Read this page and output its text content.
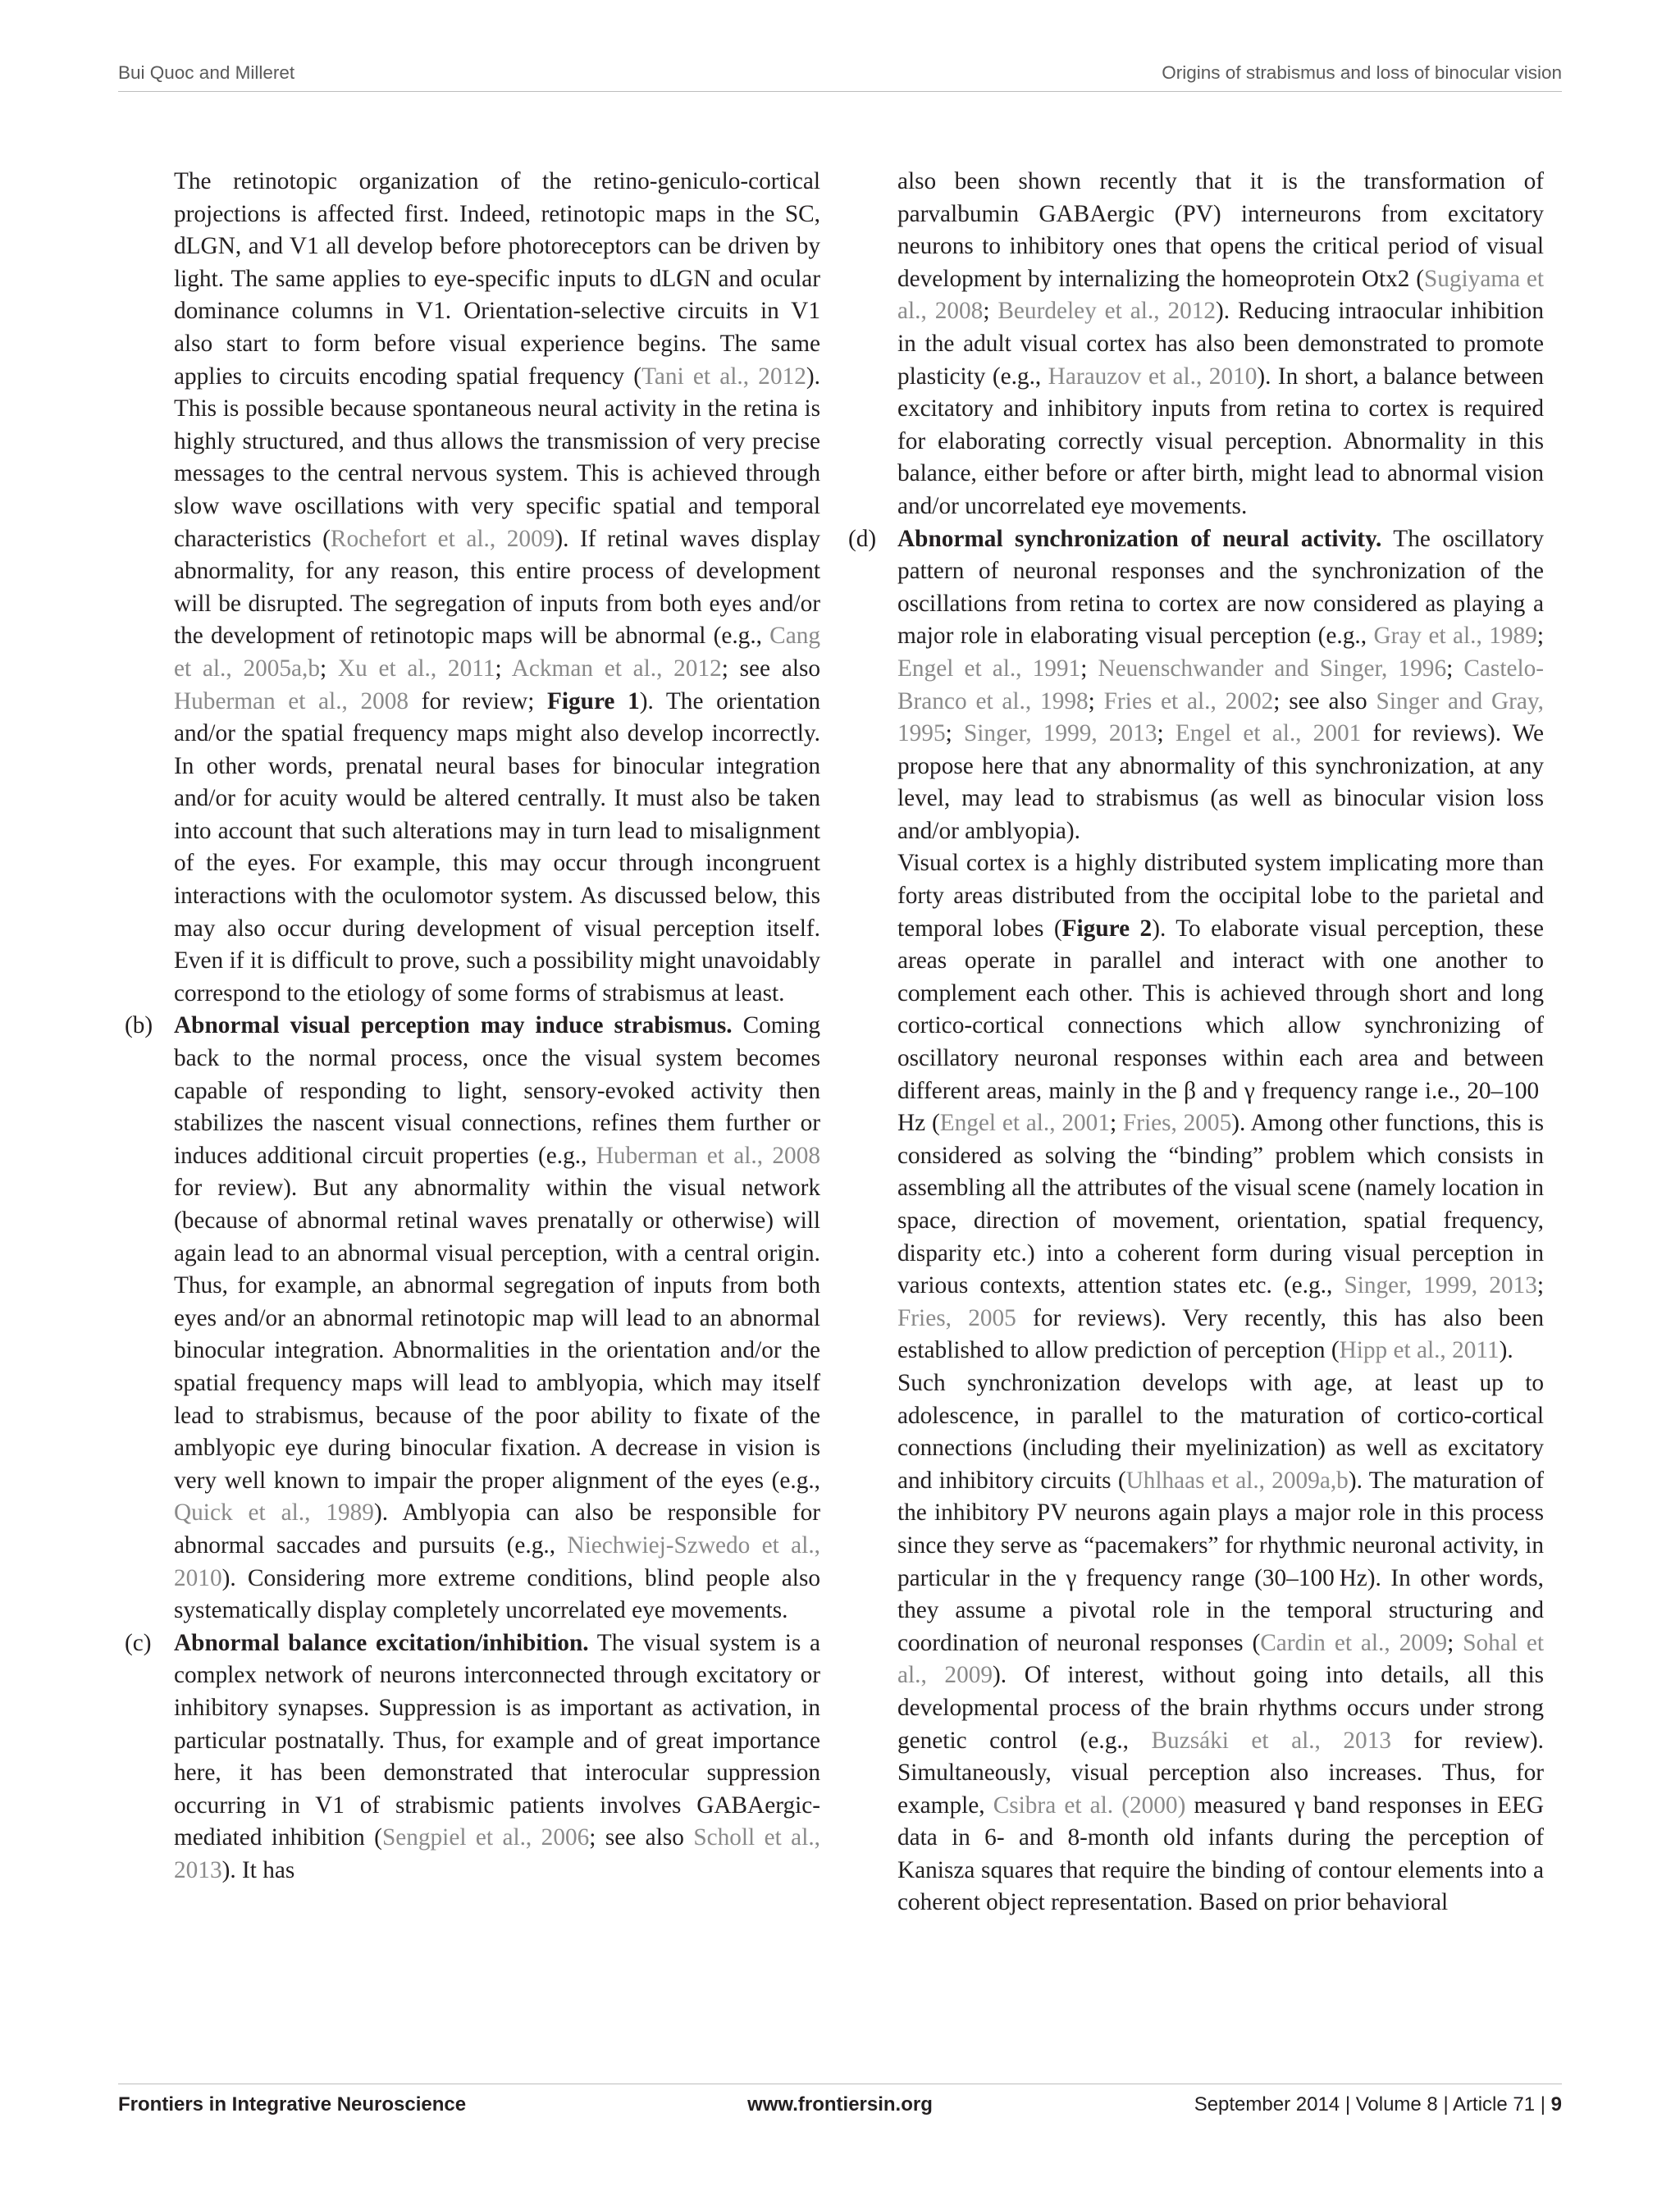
Bui Quoc and Milleret	Origins of strabismus and loss of binocular vision

The retinotopic organization of the retino-geniculo-cortical projections is affected first. Indeed, retinotopic maps in the SC, dLGN, and V1 all develop before photoreceptors can be driven by light. The same applies to eye-specific inputs to dLGN and ocular dominance columns in V1. Orientation-selective circuits in V1 also start to form before visual experience begins. The same applies to circuits encoding spatial frequency (Tani et al., 2012). This is possible because spontaneous neural activity in the retina is highly structured, and thus allows the transmission of very precise messages to the central nervous system. This is achieved through slow wave oscillations with very specific spatial and temporal characteristics (Rochefort et al., 2009). If retinal waves display abnormality, for any reason, this entire process of development will be disrupted. The segregation of inputs from both eyes and/or the development of retinotopic maps will be abnormal (e.g., Cang et al., 2005a,b; Xu et al., 2011; Ackman et al., 2012; see also Huberman et al., 2008 for review; Figure 1). The orientation and/or the spatial frequency maps might also develop incorrectly. In other words, prenatal neural bases for binocular integration and/or for acuity would be altered centrally. It must also be taken into account that such alterations may in turn lead to misalignment of the eyes. For example, this may occur through incongruent interactions with the oculomotor system. As discussed below, this may also occur during development of visual perception itself. Even if it is difficult to prove, such a possibility might unavoidably correspond to the etiology of some forms of strabismus at least.

(b) Abnormal visual perception may induce strabismus. Coming back to the normal process, once the visual system becomes capable of responding to light, sensory-evoked activity then stabilizes the nascent visual connections, refines them further or induces additional circuit properties (e.g., Huberman et al., 2008 for review). But any abnormality within the visual network (because of abnormal retinal waves prenatally or otherwise) will again lead to an abnormal visual perception, with a central origin. Thus, for example, an abnormal segregation of inputs from both eyes and/or an abnormal retinotopic map will lead to an abnormal binocular integration. Abnormalities in the orientation and/or the spatial frequency maps will lead to amblyopia, which may itself lead to strabismus, because of the poor ability to fixate of the amblyopic eye during binocular fixation. A decrease in vision is very well known to impair the proper alignment of the eyes (e.g., Quick et al., 1989). Amblyopia can also be responsible for abnormal saccades and pursuits (e.g., Niechwiej-Szwedo et al., 2010). Considering more extreme conditions, blind people also systematically display completely uncorrelated eye movements.

(c) Abnormal balance excitation/inhibition. The visual system is a complex network of neurons interconnected through excitatory or inhibitory synapses. Suppression is as important as activation, in particular postnatally. Thus, for example and of great importance here, it has been demonstrated that interocular suppression occurring in V1 of strabismic patients involves GABAergic-mediated inhibition (Sengpiel et al., 2006; see also Scholl et al., 2013). It has

also been shown recently that it is the transformation of parvalbumin GABAergic (PV) interneurons from excitatory neurons to inhibitory ones that opens the critical period of visual development by internalizing the homeoprotein Otx2 (Sugiyama et al., 2008; Beurdeley et al., 2012). Reducing intraocular inhibition in the adult visual cortex has also been demonstrated to promote plasticity (e.g., Harauzov et al., 2010). In short, a balance between excitatory and inhibitory inputs from retina to cortex is required for elaborating correctly visual perception. Abnormality in this balance, either before or after birth, might lead to abnormal vision and/or uncorrelated eye movements.

(d) Abnormal synchronization of neural activity. The oscillatory pattern of neuronal responses and the synchronization of the oscillations from retina to cortex are now considered as playing a major role in elaborating visual perception (e.g., Gray et al., 1989; Engel et al., 1991; Neuenschwander and Singer, 1996; Castelo-Branco et al., 1998; Fries et al., 2002; see also Singer and Gray, 1995; Singer, 1999, 2013; Engel et al., 2001 for reviews). We propose here that any abnormality of this synchronization, at any level, may lead to strabismus (as well as binocular vision loss and/or amblyopia).

Visual cortex is a highly distributed system implicating more than forty areas distributed from the occipital lobe to the parietal and temporal lobes (Figure 2). To elaborate visual perception, these areas operate in parallel and interact with one another to complement each other. This is achieved through short and long cortico-cortical connections which allow synchronizing of oscillatory neuronal responses within each area and between different areas, mainly in the β and γ frequency range i.e., 20–100 Hz (Engel et al., 2001; Fries, 2005). Among other functions, this is considered as solving the “binding” problem which consists in assembling all the attributes of the visual scene (namely location in space, direction of movement, orientation, spatial frequency, disparity etc.) into a coherent form during visual perception in various contexts, attention states etc. (e.g., Singer, 1999, 2013; Fries, 2005 for reviews). Very recently, this has also been established to allow prediction of perception (Hipp et al., 2011).

Such synchronization develops with age, at least up to adolescence, in parallel to the maturation of cortico-cortical connections (including their myelinization) as well as excitatory and inhibitory circuits (Uhlhaas et al., 2009a,b). The maturation of the inhibitory PV neurons again plays a major role in this process since they serve as “pacemakers” for rhythmic neuronal activity, in particular in the γ frequency range (30–100 Hz). In other words, they assume a pivotal role in the temporal structuring and coordination of neuronal responses (Cardin et al., 2009; Sohal et al., 2009). Of interest, without going into details, all this developmental process of the brain rhythms occurs under strong genetic control (e.g., Buzsáki et al., 2013 for review). Simultaneously, visual perception also increases. Thus, for example, Csibra et al. (2000) measured γ band responses in EEG data in 6- and 8-month old infants during the perception of Kanisza squares that require the binding of contour elements into a coherent object representation. Based on prior behavioral

Frontiers in Integrative Neuroscience	www.frontiersin.org	September 2014 | Volume 8 | Article 71 | 9
